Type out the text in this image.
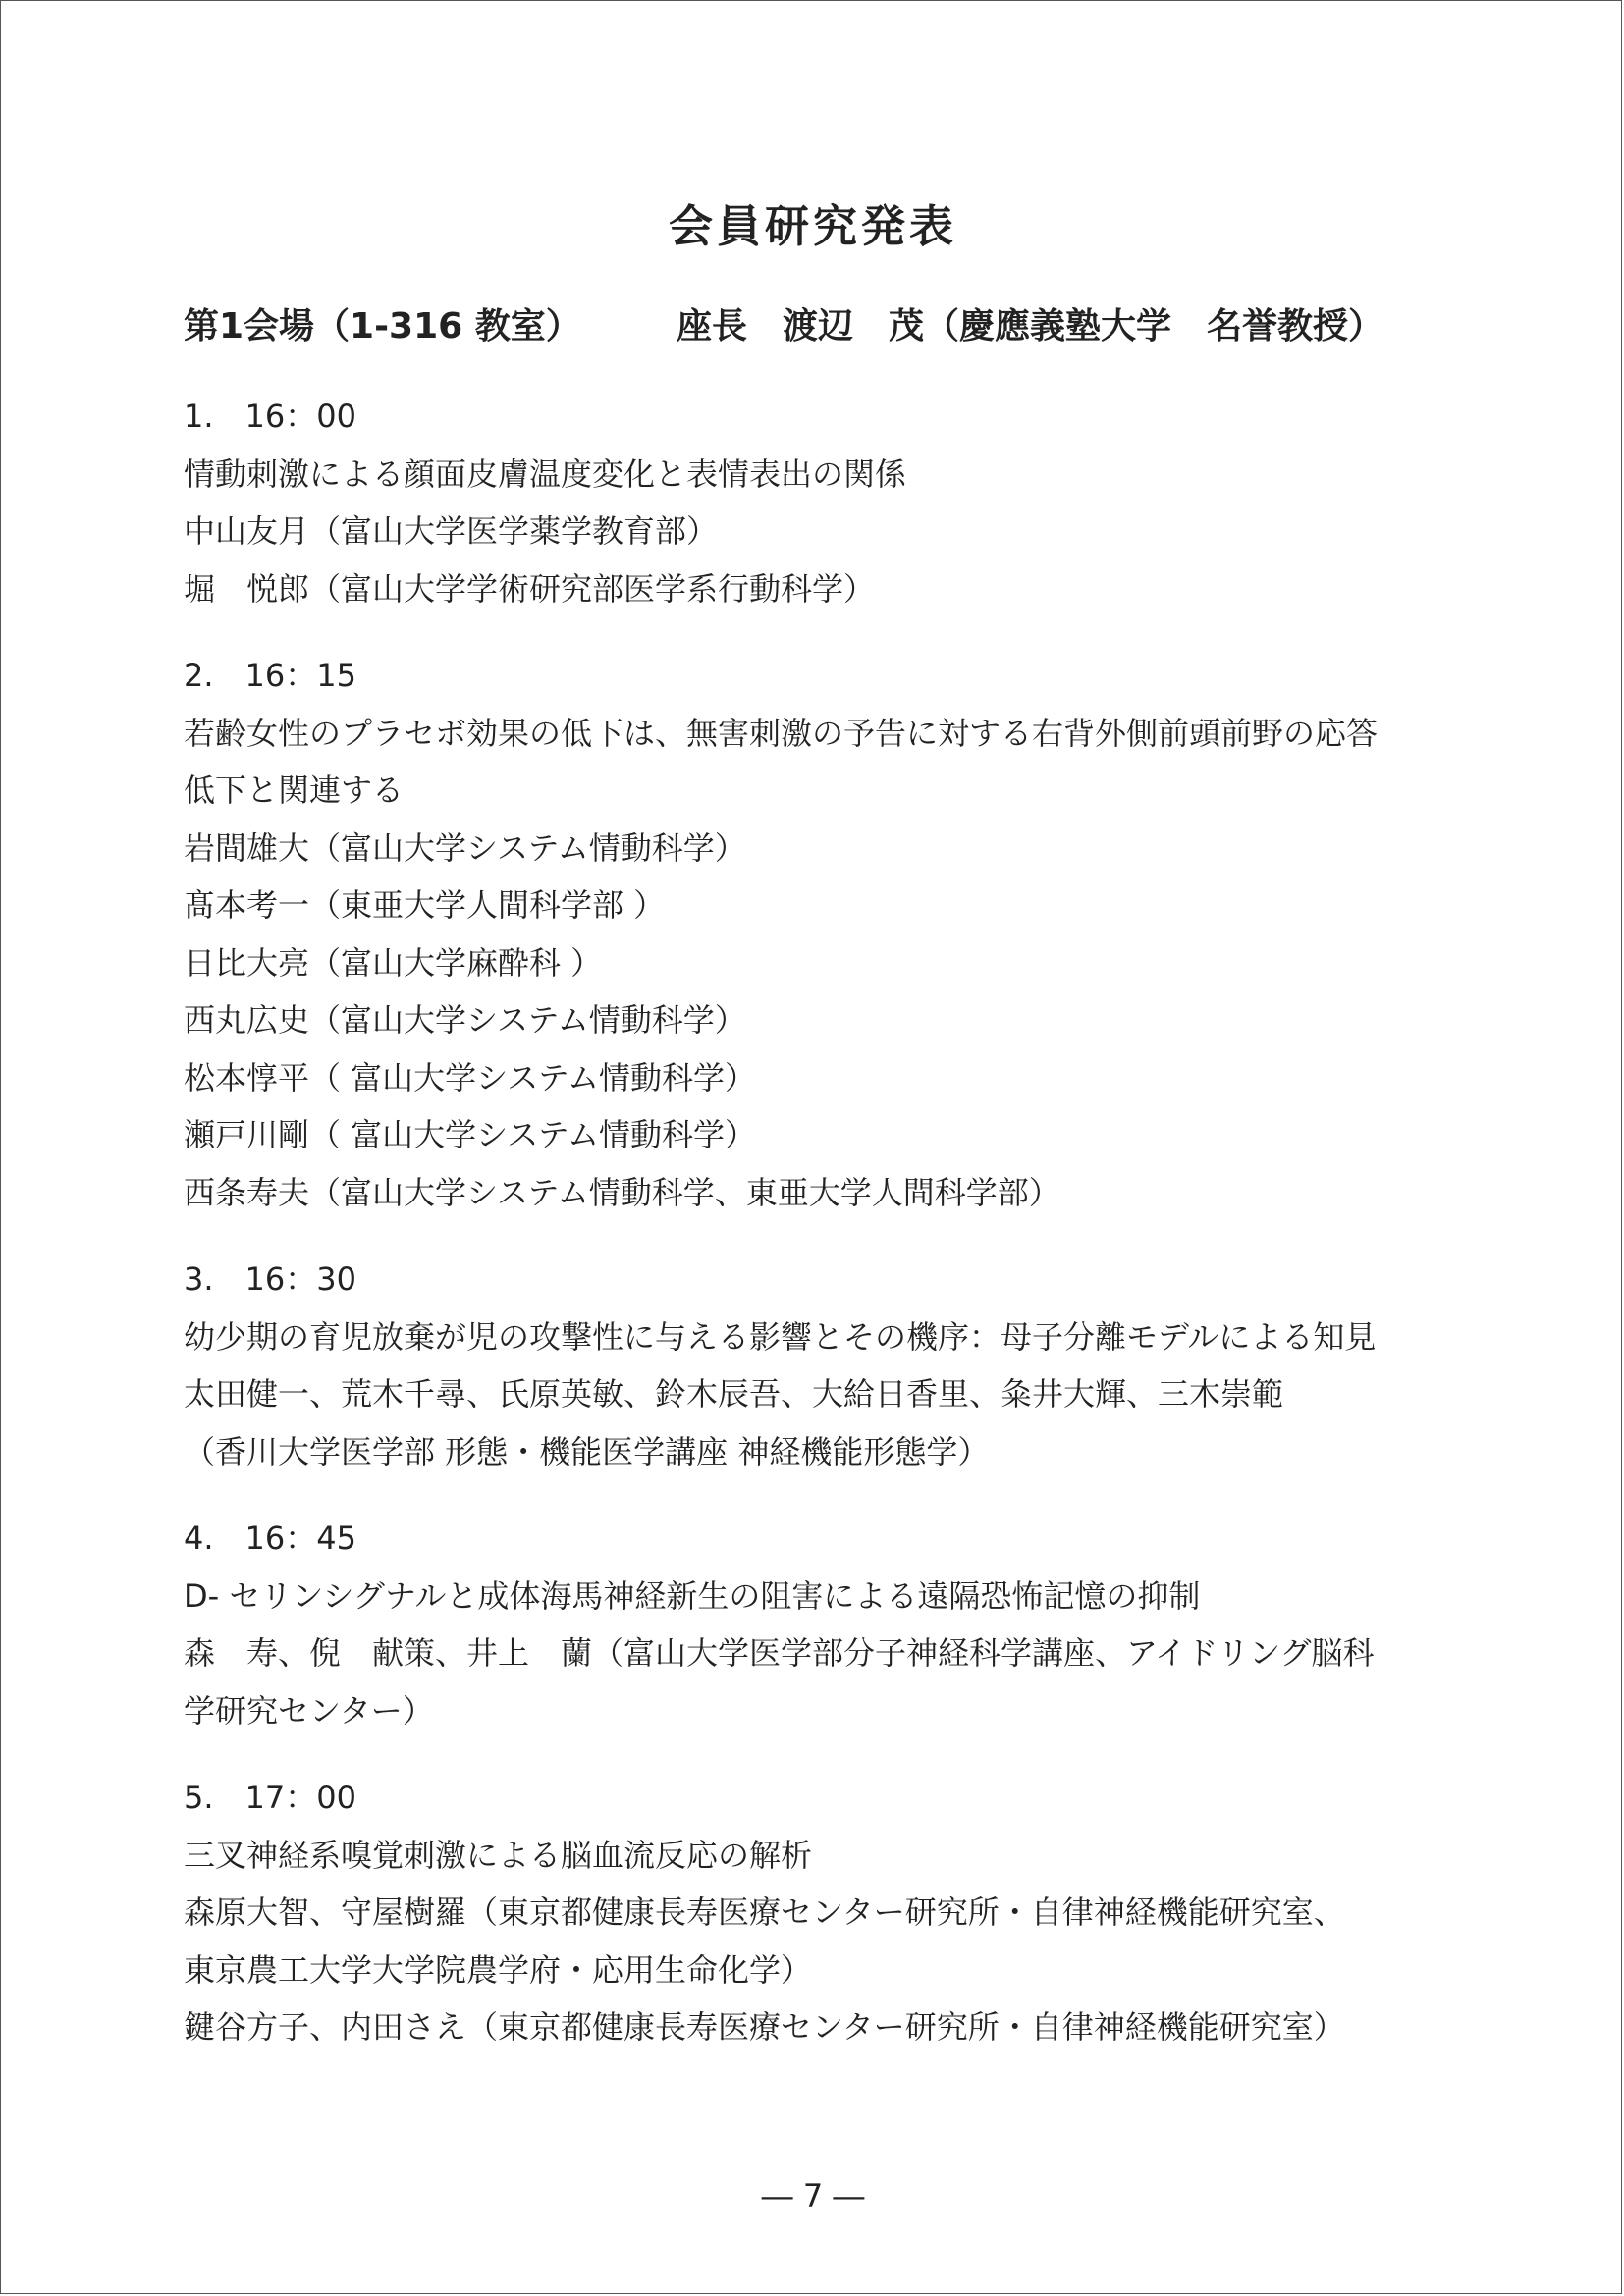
会員研究発表
第1会場（1-316 教室）	座長　渡辺　茂（慶應義塾大学　名誉教授）
1.　16：00
情動刺激による顔面皮膚温度変化と表情表出の関係
中山友月（富山大学医学薬学教育部）
堀　悦郎（富山大学学術研究部医学系行動科学）
2.　16：15
若齢女性のプラセボ効果の低下は、無害刺激の予告に対する右背外側前頭前野の応答
低下と関連する
岩間雄大（富山大学システム情動科学）
髙本考一（東亜大学人間科学部 ）
日比大亮（富山大学麻酔科 ）
西丸広史（富山大学システム情動科学）
松本惇平（ 富山大学システム情動科学）
瀬戸川剛（ 富山大学システム情動科学）
西条寿夫（富山大学システム情動科学、東亜大学人間科学部）
3.　16：30
幼少期の育児放棄が児の攻撃性に与える影響とその機序：母子分離モデルによる知見
太田健一、荒木千尋、氏原英敏、鈴木辰吾、大給日香里、粂井大輝、三木崇範
（香川大学医学部 形態・機能医学講座 神経機能形態学）
4.　16：45
D- セリンシグナルと成体海馬神経新生の阻害による遠隔恐怖記憶の抑制
森　寿、倪　献策、井上　蘭（富山大学医学部分子神経科学講座、アイドリング脳科
学研究センター）
5.　17：00
三叉神経系嗅覚刺激による脳血流反応の解析
森原大智、守屋樹羅（東京都健康長寿医療センター研究所・自律神経機能研究室、
東京農工大学大学院農学府・応用生命化学）
鍵谷方子、内田さえ（東京都健康長寿医療センター研究所・自律神経機能研究室）
― 7 ―
